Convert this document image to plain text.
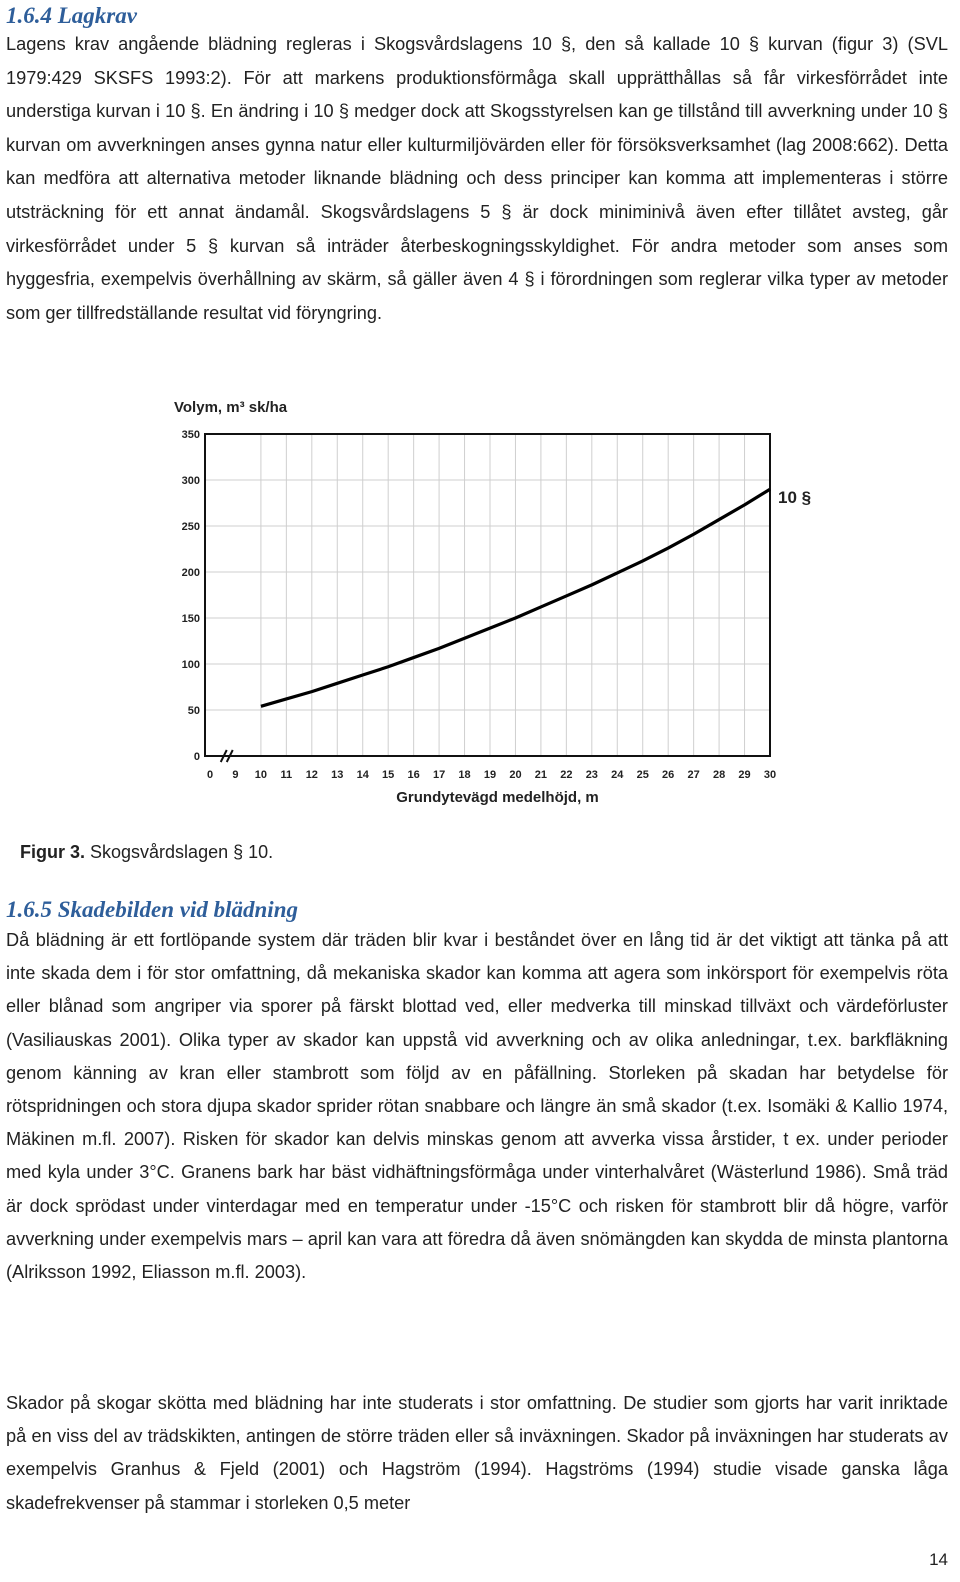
1.6.4 Lagkrav

Lagens krav angående blädning regleras i Skogsvårdslagens 10 §, den så kallade 10 § kurvan (figur 3) (SVL 1979:429 SKSFS 1993:2). För att markens produktionsförmåga skall upprätthållas så får virkesförrådet inte understiga kurvan i 10 §. En ändring i 10 § medger dock att Skogsstyrelsen kan ge tillstånd till avverkning under 10 § kurvan om avverkningen anses gynna natur eller kulturmiljövärden eller för försöksverksamhet (lag 2008:662). Detta kan medföra att alternativa metoder liknande blädning och dess principer kan komma att implementeras i större utsträckning för ett annat ändamål. Skogsvårdslagens 5 § är dock miniminivå även efter tillåtet avsteg, går virkesförrådet under 5 § kurvan så inträder återbeskogningsskyldighet. För andra metoder som anses som hyggesfria, exempelvis överhållning av skärm, så gäller även 4 § i förordningen som reglerar vilka typer av metoder som ger tillfredställande resultat vid föryngring.

0
50
100
150
200
250
300
350
0 9 10 11 12 13 14 15 16 17 18 19 20 21 22 23 24 25 26 27 28 29 30
10 §
Volym, m³ sk/ha
Grundytevägd medelhöjd, m

Figur 3. Skogsvårdslagen § 10.

1.6.5 Skadebilden vid blädning

Då blädning är ett fortlöpande system där träden blir kvar i beståndet över en lång tid är det viktigt att tänka på att inte skada dem i för stor omfattning, då mekaniska skador kan komma att agera som inkörsport för exempelvis röta eller blånad som angriper via sporer på färskt blottad ved, eller medverka till minskad tillväxt och värdeförluster (Vasiliauskas 2001). Olika typer av skador kan uppstå vid avverkning och av olika anledningar, t.ex. barkfläkning genom känning av kran eller stambrott som följd av en påfällning. Storleken på skadan har betydelse för rötspridningen och stora djupa skador sprider rötan snabbare och längre än små skador (t.ex. Isomäki & Kallio 1974, Mäkinen m.fl. 2007). Risken för skador kan delvis minskas genom att avverka vissa årstider, t ex. under perioder med kyla under 3°C. Granens bark har bäst vidhäftningsförmåga under vinterhalvåret (Wästerlund 1986). Små träd är dock sprödast under vinterdagar med en temperatur under -15°C och risken för stambrott blir då högre, varför avverkning under exempelvis mars – april kan vara att föredra då även snömängden kan skydda de minsta plantorna (Alriksson 1992, Eliasson m.fl. 2003).

Skador på skogar skötta med blädning har inte studerats i stor omfattning. De studier som gjorts har varit inriktade på en viss del av trädskikten, antingen de större träden eller så inväxningen. Skador på inväxningen har studerats av exempelvis Granhus & Fjeld (2001) och Hagström (1994). Hagströms (1994) studie visade ganska låga skadefrekvenser på stammar i storleken 0,5 meter

14
